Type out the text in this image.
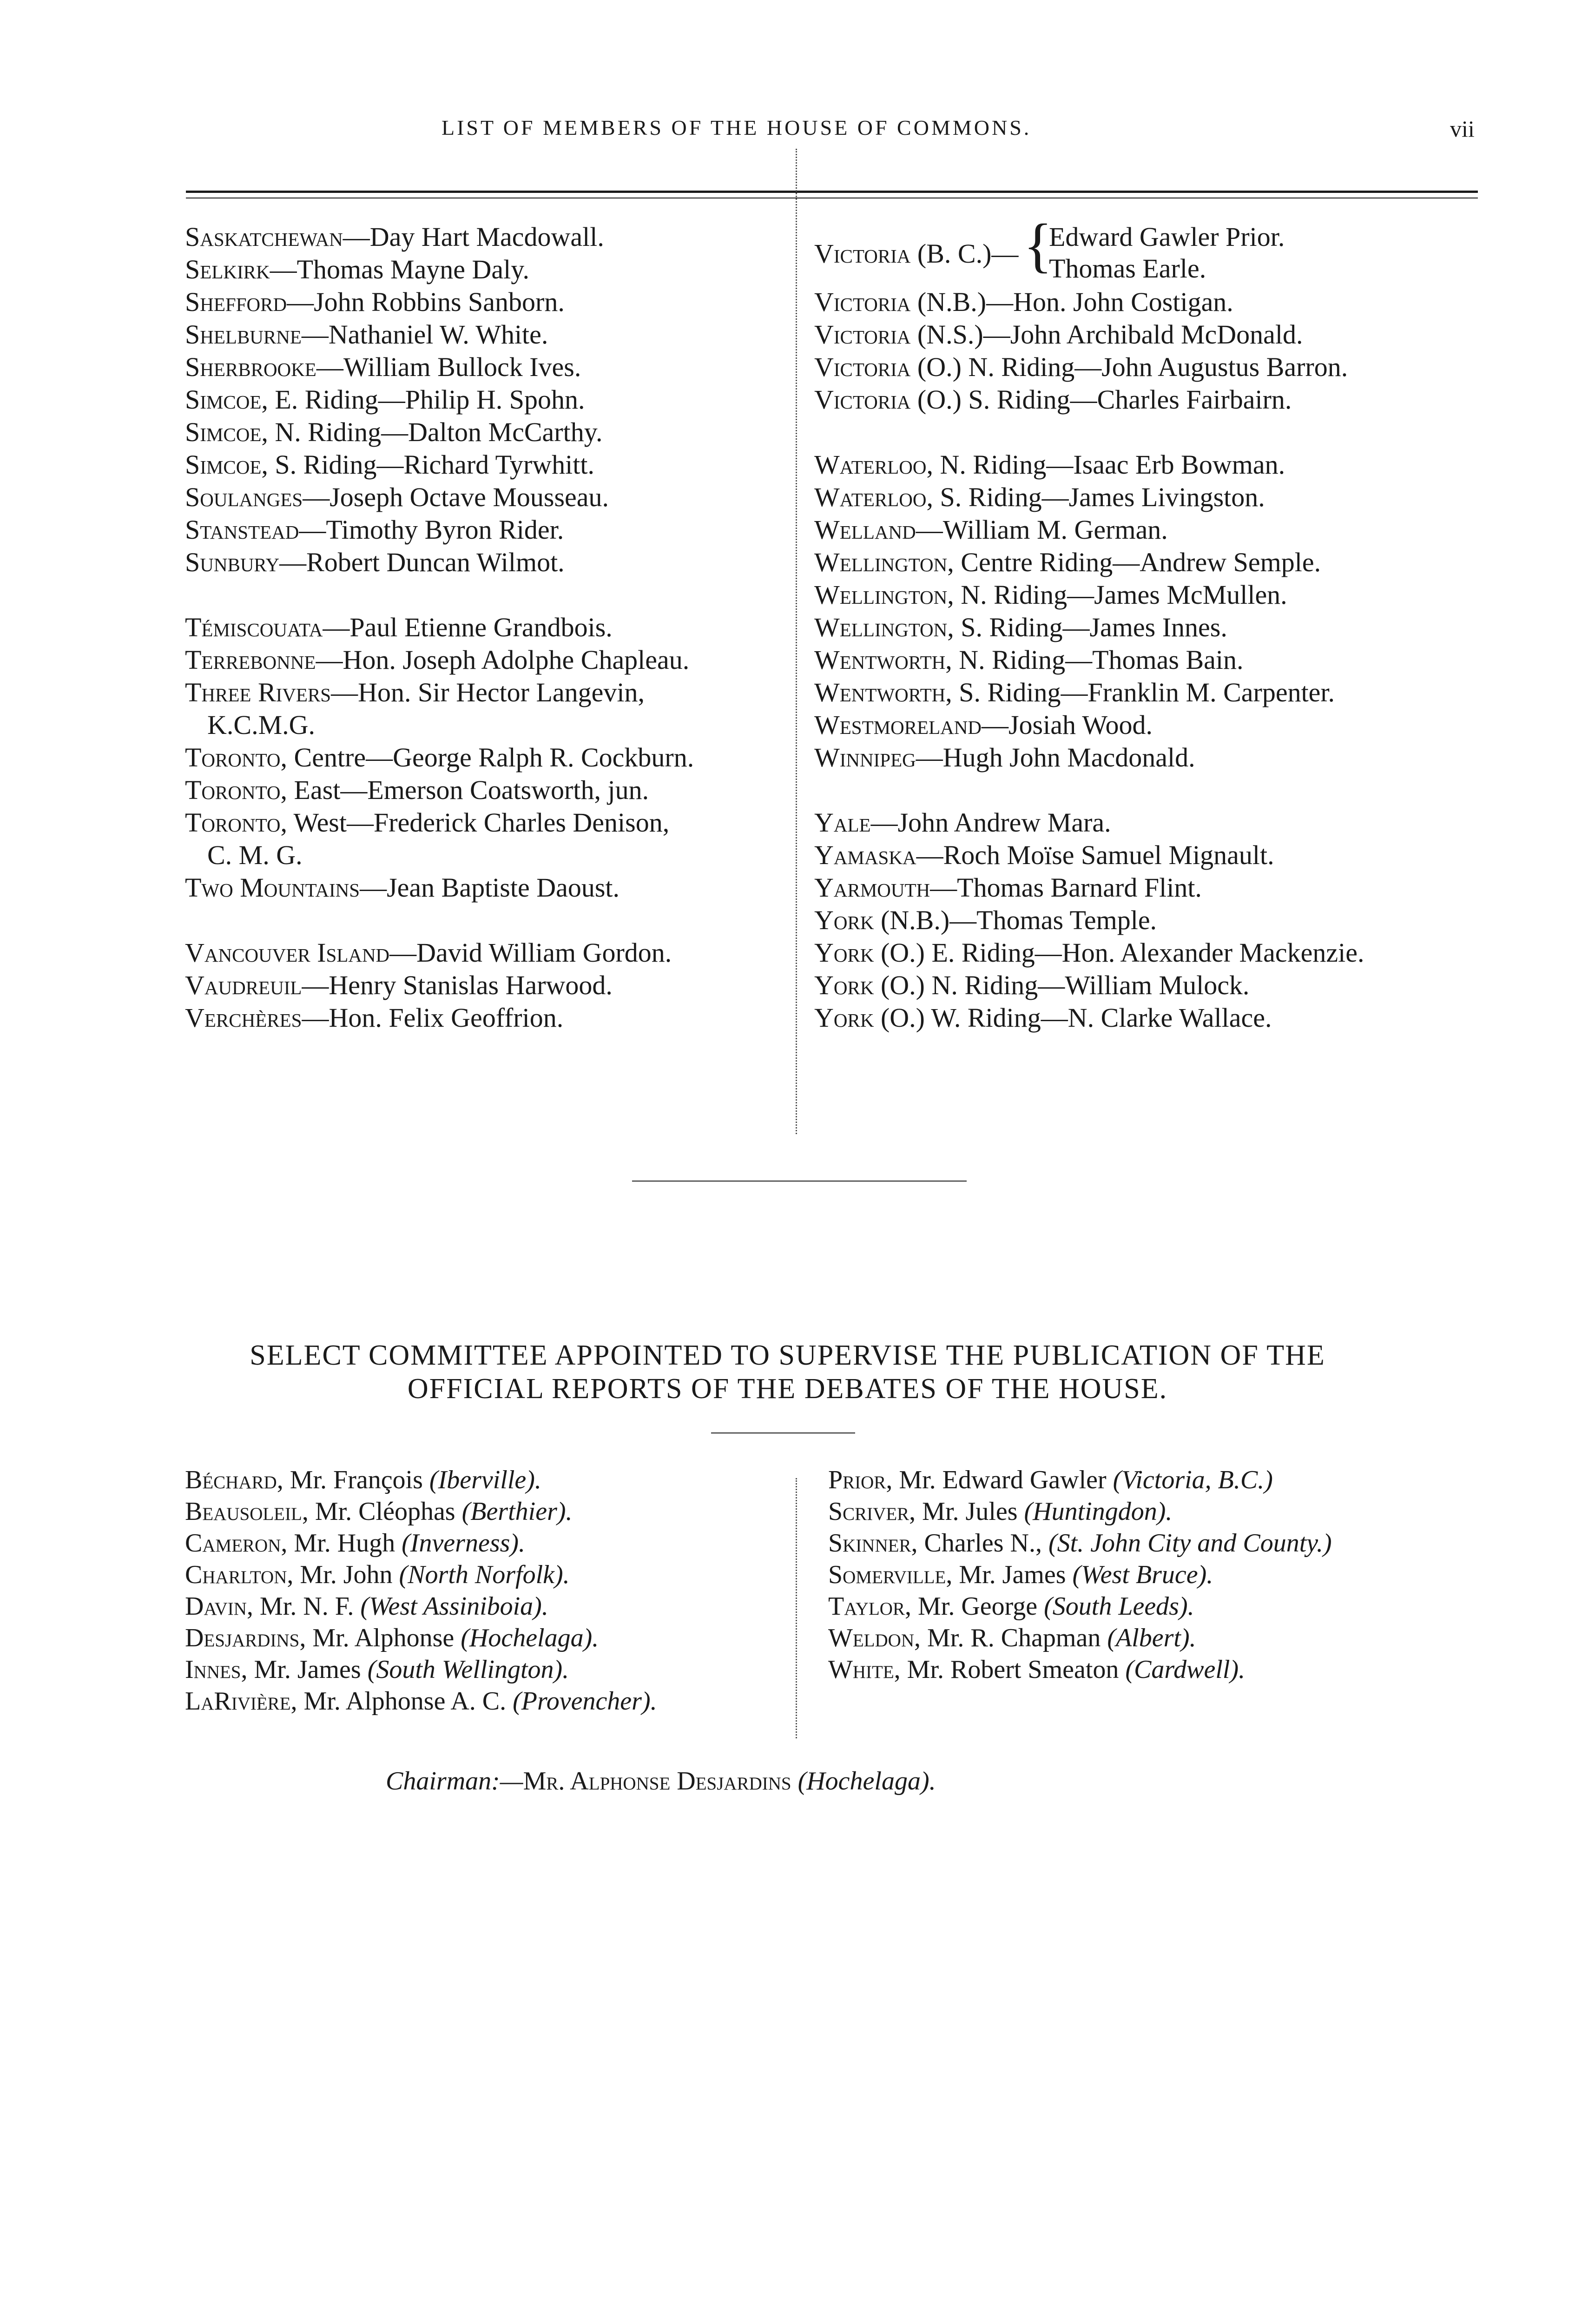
LIST OF MEMBERS OF THE HOUSE OF COMMONS.	vii
Saskatchewan—Day Hart Macdowall.
Selkirk—Thomas Mayne Daly.
Shefford—John Robbins Sanborn.
Shelburne—Nathaniel W. White.
Sherbrooke—William Bullock Ives.
Simcoe, E. Riding—Philip H. Spohn.
Simcoe, N. Riding—Dalton McCarthy.
Simcoe, S. Riding—Richard Tyrwhitt.
Soulanges—Joseph Octave Mousseau.
Stanstead—Timothy Byron Rider.
Sunbury—Robert Duncan Wilmot.
Témiscouata—Paul Etienne Grandbois.
Terrebonne—Hon. Joseph Adolphe Chapleau.
Three Rivers—Hon. Sir Hector Langevin,
K.C.M.G.
Toronto, Centre—George Ralph R. Cockburn.
Toronto, East—Emerson Coatsworth, jun.
Toronto, West—Frederick Charles Denison,
C. M. G.
Two Mountains—Jean Baptiste Daoust.
Vancouver Island—David William Gordon.
Vaudreuil—Henry Stanislas Harwood.
Verchères—Hon. Felix Geoffrion.
Victoria (B. C.)— {
Edward Gawler Prior.
Thomas Earle.
Victoria (N.B.)—Hon. John Costigan.
Victoria (N.S.)—John Archibald McDonald.
Victoria (O.) N. Riding—John Augustus Barron.
Victoria (O.) S. Riding—Charles Fairbairn.
Waterloo, N. Riding—Isaac Erb Bowman.
Waterloo, S. Riding—James Livingston.
Welland—William M. German.
Wellington, Centre Riding—Andrew Semple.
Wellington, N. Riding—James McMullen.
Wellington, S. Riding—James Innes.
Wentworth, N. Riding—Thomas Bain.
Wentworth, S. Riding—Franklin M. Carpenter.
Westmoreland—Josiah Wood.
Winnipeg—Hugh John Macdonald.
Yale—John Andrew Mara.
Yamaska—Roch Moïse Samuel Mignault.
Yarmouth—Thomas Barnard Flint.
York (N.B.)—Thomas Temple.
York (O.) E. Riding—Hon. Alexander Mackenzie.
York (O.) N. Riding—William Mulock.
York (O.) W. Riding—N. Clarke Wallace.
SELECT COMMITTEE APPOINTED TO SUPERVISE THE PUBLICATION OF THE
OFFICIAL REPORTS OF THE DEBATES OF THE HOUSE.
Béchard, Mr. François (Iberville).
Beausoleil, Mr. Cléophas (Berthier).
Cameron, Mr. Hugh (Inverness).
Charlton, Mr. John (North Norfolk).
Davin, Mr. N. F. (West Assiniboia).
Desjardins, Mr. Alphonse (Hochelaga).
Innes, Mr. James (South Wellington).
LaRivière, Mr. Alphonse A. C. (Provencher).
Prior, Mr. Edward Gawler (Victoria, B.C.)
Scriver, Mr. Jules (Huntingdon).
Skinner, Charles N., (St. John City and County.)
Somerville, Mr. James (West Bruce).
Taylor, Mr. George (South Leeds).
Weldon, Mr. R. Chapman (Albert).
White, Mr. Robert Smeaton (Cardwell).
Chairman:—Mr. Alphonse Desjardins (Hochelaga).
